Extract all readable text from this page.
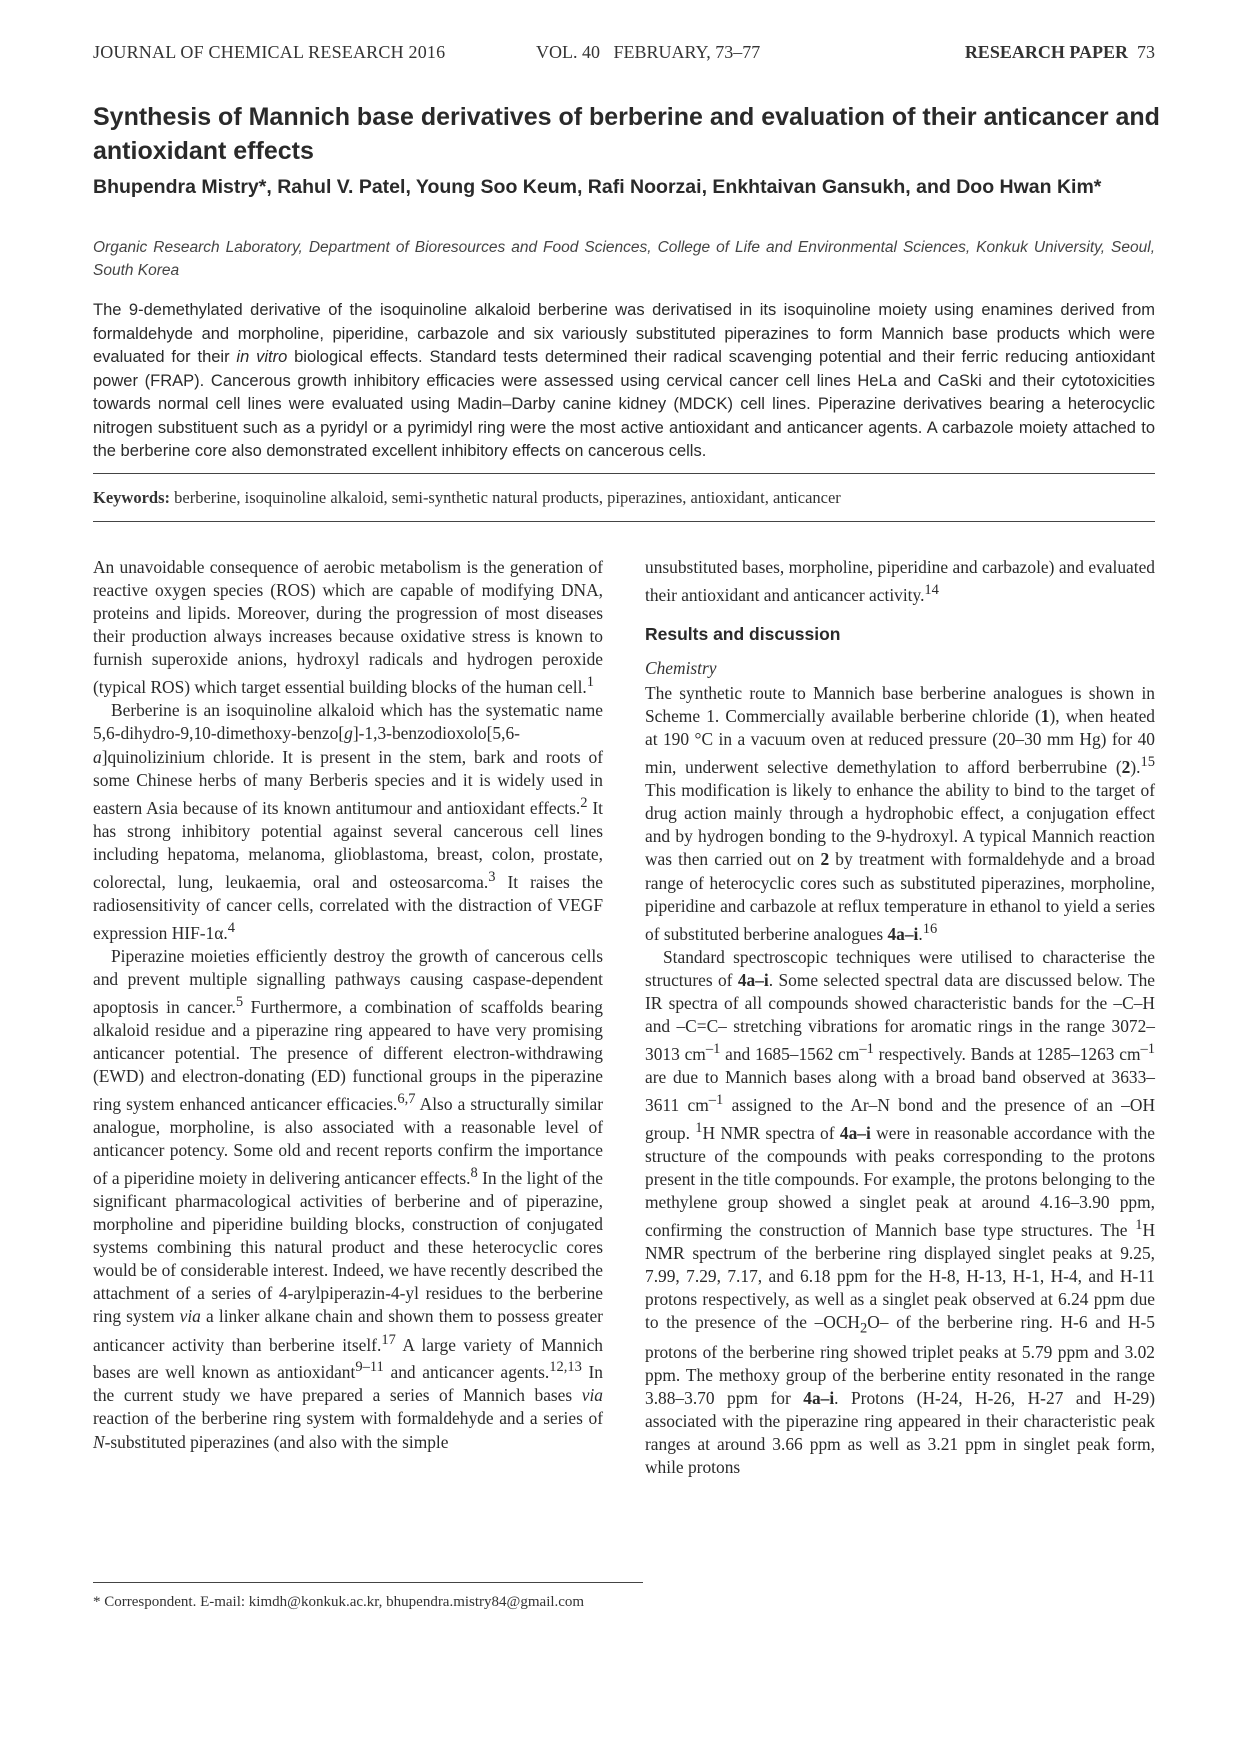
JOURNAL OF CHEMICAL RESEARCH 2016	VOL. 40   FEBRUARY, 73–77	RESEARCH PAPER 73
Synthesis of Mannich base derivatives of berberine and evaluation of their anticancer and antioxidant effects

Bhupendra Mistry*, Rahul V. Patel, Young Soo Keum, Rafi Noorzai, Enkhtaivan Gansukh, and Doo Hwan Kim*

Organic Research Laboratory, Department of Bioresources and Food Sciences, College of Life and Environmental Sciences, Konkuk University, Seoul, South Korea

The 9-demethylated derivative of the isoquinoline alkaloid berberine was derivatised in its isoquinoline moiety using enamines derived from formaldehyde and morpholine, piperidine, carbazole and six variously substituted piperazines to form Mannich base products which were evaluated for their in vitro biological effects. Standard tests determined their radical scavenging potential and their ferric reducing antioxidant power (FRAP). Cancerous growth inhibitory efficacies were assessed using cervical cancer cell lines HeLa and CaSki and their cytotoxicities towards normal cell lines were evaluated using Madin–Darby canine kidney (MDCK) cell lines. Piperazine derivatives bearing a heterocyclic nitrogen substituent such as a pyridyl or a pyrimidyl ring were the most active antioxidant and anticancer agents. A carbazole moiety attached to the berberine core also demonstrated excellent inhibitory effects on cancerous cells.

Keywords: berberine, isoquinoline alkaloid, semi-synthetic natural products, piperazines, antioxidant, anticancer

An unavoidable consequence of aerobic metabolism is the generation of reactive oxygen species (ROS) which are capable of modifying DNA, proteins and lipids. Moreover, during the progression of most diseases their production always increases because oxidative stress is known to furnish superoxide anions, hydroxyl radicals and hydrogen peroxide (typical ROS) which target essential building blocks of the human cell.$^1$

Berberine is an isoquinoline alkaloid which has the systematic name 5,6-dihydro-9,10-dimethoxy-benzo[g]-1,3-benzodioxolo[5,6-a]quinolizinium chloride. It is present in the stem, bark and roots of some Chinese herbs of many Berberis species and it is widely used in eastern Asia because of its known antitumour and antioxidant effects.$^2$ It has strong inhibitory potential against several cancerous cell lines including hepatoma, melanoma, glioblastoma, breast, colon, prostate, colorectal, lung, leukaemia, oral and osteosarcoma.$^3$ It raises the radiosensitivity of cancer cells, correlated with the distraction of VEGF expression HIF-1α.$^4$

Piperazine moieties efficiently destroy the growth of cancerous cells and prevent multiple signalling pathways causing caspase-dependent apoptosis in cancer.$^5$ Furthermore, a combination of scaffolds bearing alkaloid residue and a piperazine ring appeared to have very promising anticancer potential. The presence of different electron-withdrawing (EWD) and electron-donating (ED) functional groups in the piperazine ring system enhanced anticancer efficacies.$^{6,7}$ Also a structurally similar analogue, morpholine, is also associated with a reasonable level of anticancer potency. Some old and recent reports confirm the importance of a piperidine moiety in delivering anticancer effects.$^8$ In the light of the significant pharmacological activities of berberine and of piperazine, morpholine and piperidine building blocks, construction of conjugated systems combining this natural product and these heterocyclic cores would be of considerable interest. Indeed, we have recently described the attachment of a series of 4-arylpiperazin-4-yl residues to the berberine ring system via a linker alkane chain and shown them to possess greater anticancer activity than berberine itself.$^{17}$ A large variety of Mannich bases are well known as antioxidant$^{9-11}$ and anticancer agents.$^{12,13}$ In the current study we have prepared a series of Mannich bases via reaction of the berberine ring system with formaldehyde and a series of N-substituted piperazines (and also with the simple

unsubstituted bases, morpholine, piperidine and carbazole) and evaluated their antioxidant and anticancer activity.$^{14}$

Results and discussion
Chemistry

The synthetic route to Mannich base berberine analogues is shown in Scheme 1. Commercially available berberine chloride (1), when heated at 190 °C in a vacuum oven at reduced pressure (20–30 mm Hg) for 40 min, underwent selective demethylation to afford berberrubine (2).$^{15}$ This modification is likely to enhance the ability to bind to the target of drug action mainly through a hydrophobic effect, a conjugation effect and by hydrogen bonding to the 9-hydroxyl. A typical Mannich reaction was then carried out on 2 by treatment with formaldehyde and a broad range of heterocyclic cores such as substituted piperazines, morpholine, piperidine and carbazole at reflux temperature in ethanol to yield a series of substituted berberine analogues 4a–i.$^{16}$

Standard spectroscopic techniques were utilised to characterise the structures of 4a–i. Some selected spectral data are discussed below. The IR spectra of all compounds showed characteristic bands for the –C–H and –C=C– stretching vibrations for aromatic rings in the range 3072–3013 $cm^{-1}$ and 1685–1562 $cm^{-1}$ respectively. Bands at 1285–1263 $cm^{-1}$ are due to Mannich bases along with a broad band observed at 3633–3611 $cm^{-1}$ assigned to the Ar–N bond and the presence of an –OH group. $^1$H NMR spectra of 4a–i were in reasonable accordance with the structure of the compounds with peaks corresponding to the protons present in the title compounds. For example, the protons belonging to the methylene group showed a singlet peak at around 4.16–3.90 ppm, confirming the construction of Mannich base type structures. The $^1$H NMR spectrum of the berberine ring displayed singlet peaks at 9.25, 7.99, 7.29, 7.17, and 6.18 ppm for the H-8, H-13, H-1, H-4, and H-11 protons respectively, as well as a singlet peak observed at 6.24 ppm due to the presence of the $-OCH_2O-$ of the berberine ring. H-6 and H-5 protons of the berberine ring showed triplet peaks at 5.79 ppm and 3.02 ppm. The methoxy group of the berberine entity resonated in the range 3.88–3.70 ppm for 4a–i. Protons (H-24, H-26, H-27 and H-29) associated with the piperazine ring appeared in their characteristic peak ranges at around 3.66 ppm as well as 3.21 ppm in singlet peak form, while protons

* Correspondent. E-mail: kimdh@konkuk.ac.kr, bhupendra.mistry84@gmail.com
